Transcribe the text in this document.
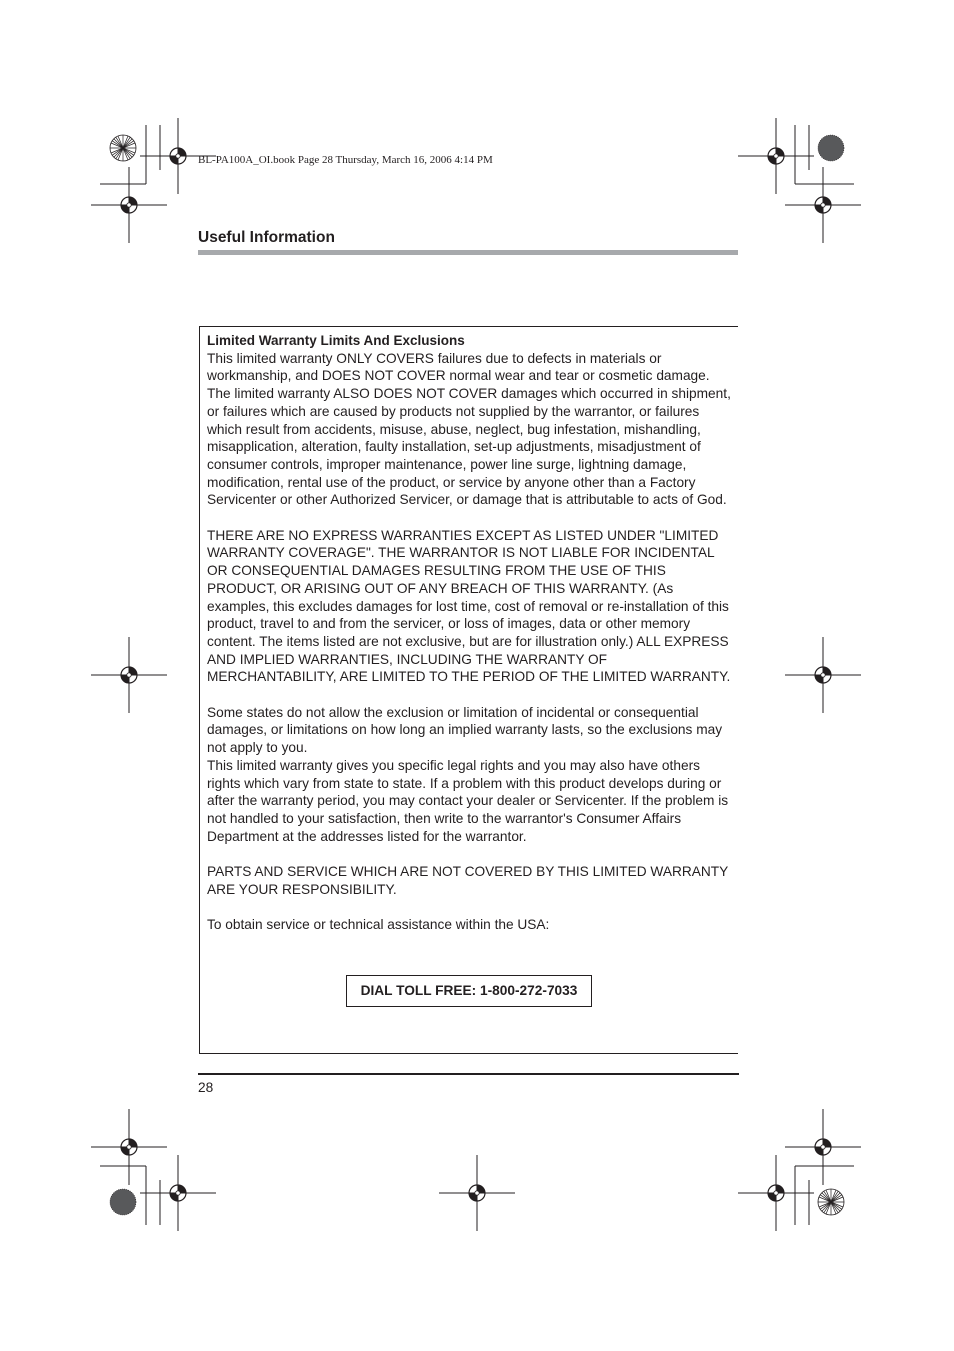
BL-PA100A_OI.book Page 28 Thursday, March 16, 2006 4:14 PM
Useful Information

Limited Warranty Limits And Exclusions

This limited warranty ONLY COVERS failures due to defects in materials or workmanship, and DOES NOT COVER normal wear and tear or cosmetic damage. The limited warranty ALSO DOES NOT COVER damages which occurred in shipment, or failures which are caused by products not supplied by the warrantor, or failures which result from accidents, misuse, abuse, neglect, bug infestation, mishandling, misapplication, alteration, faulty installation, set-up adjustments, misadjustment of consumer controls, improper maintenance, power line surge, lightning damage, modification, rental use of the product, or service by anyone other than a Factory Servicenter or other Authorized Servicer, or damage that is attributable to acts of God.

THERE ARE NO EXPRESS WARRANTIES EXCEPT AS LISTED UNDER "LIMITED WARRANTY COVERAGE". THE WARRANTOR IS NOT LIABLE FOR INCIDENTAL OR CONSEQUENTIAL DAMAGES RESULTING FROM THE USE OF THIS PRODUCT, OR ARISING OUT OF ANY BREACH OF THIS WARRANTY. (As examples, this excludes damages for lost time, cost of removal or re-installation of this product, travel to and from the servicer, or loss of images, data or other memory content. The items listed are not exclusive, but are for illustration only.) ALL EXPRESS AND IMPLIED WARRANTIES, INCLUDING THE WARRANTY OF MERCHANTABILITY, ARE LIMITED TO THE PERIOD OF THE LIMITED WARRANTY.

Some states do not allow the exclusion or limitation of incidental or consequential damages, or limitations on how long an implied warranty lasts, so the exclusions may not apply to you.

This limited warranty gives you specific legal rights and you may also have others rights which vary from state to state. If a problem with this product develops during or after the warranty period, you may contact your dealer or Servicenter. If the problem is not handled to your satisfaction, then write to the warrantor's Consumer Affairs Department at the addresses listed for the warrantor.

PARTS AND SERVICE WHICH ARE NOT COVERED BY THIS LIMITED WARRANTY ARE YOUR RESPONSIBILITY.

To obtain service or technical assistance within the USA:

DIAL TOLL FREE: 1-800-272-7033
28
